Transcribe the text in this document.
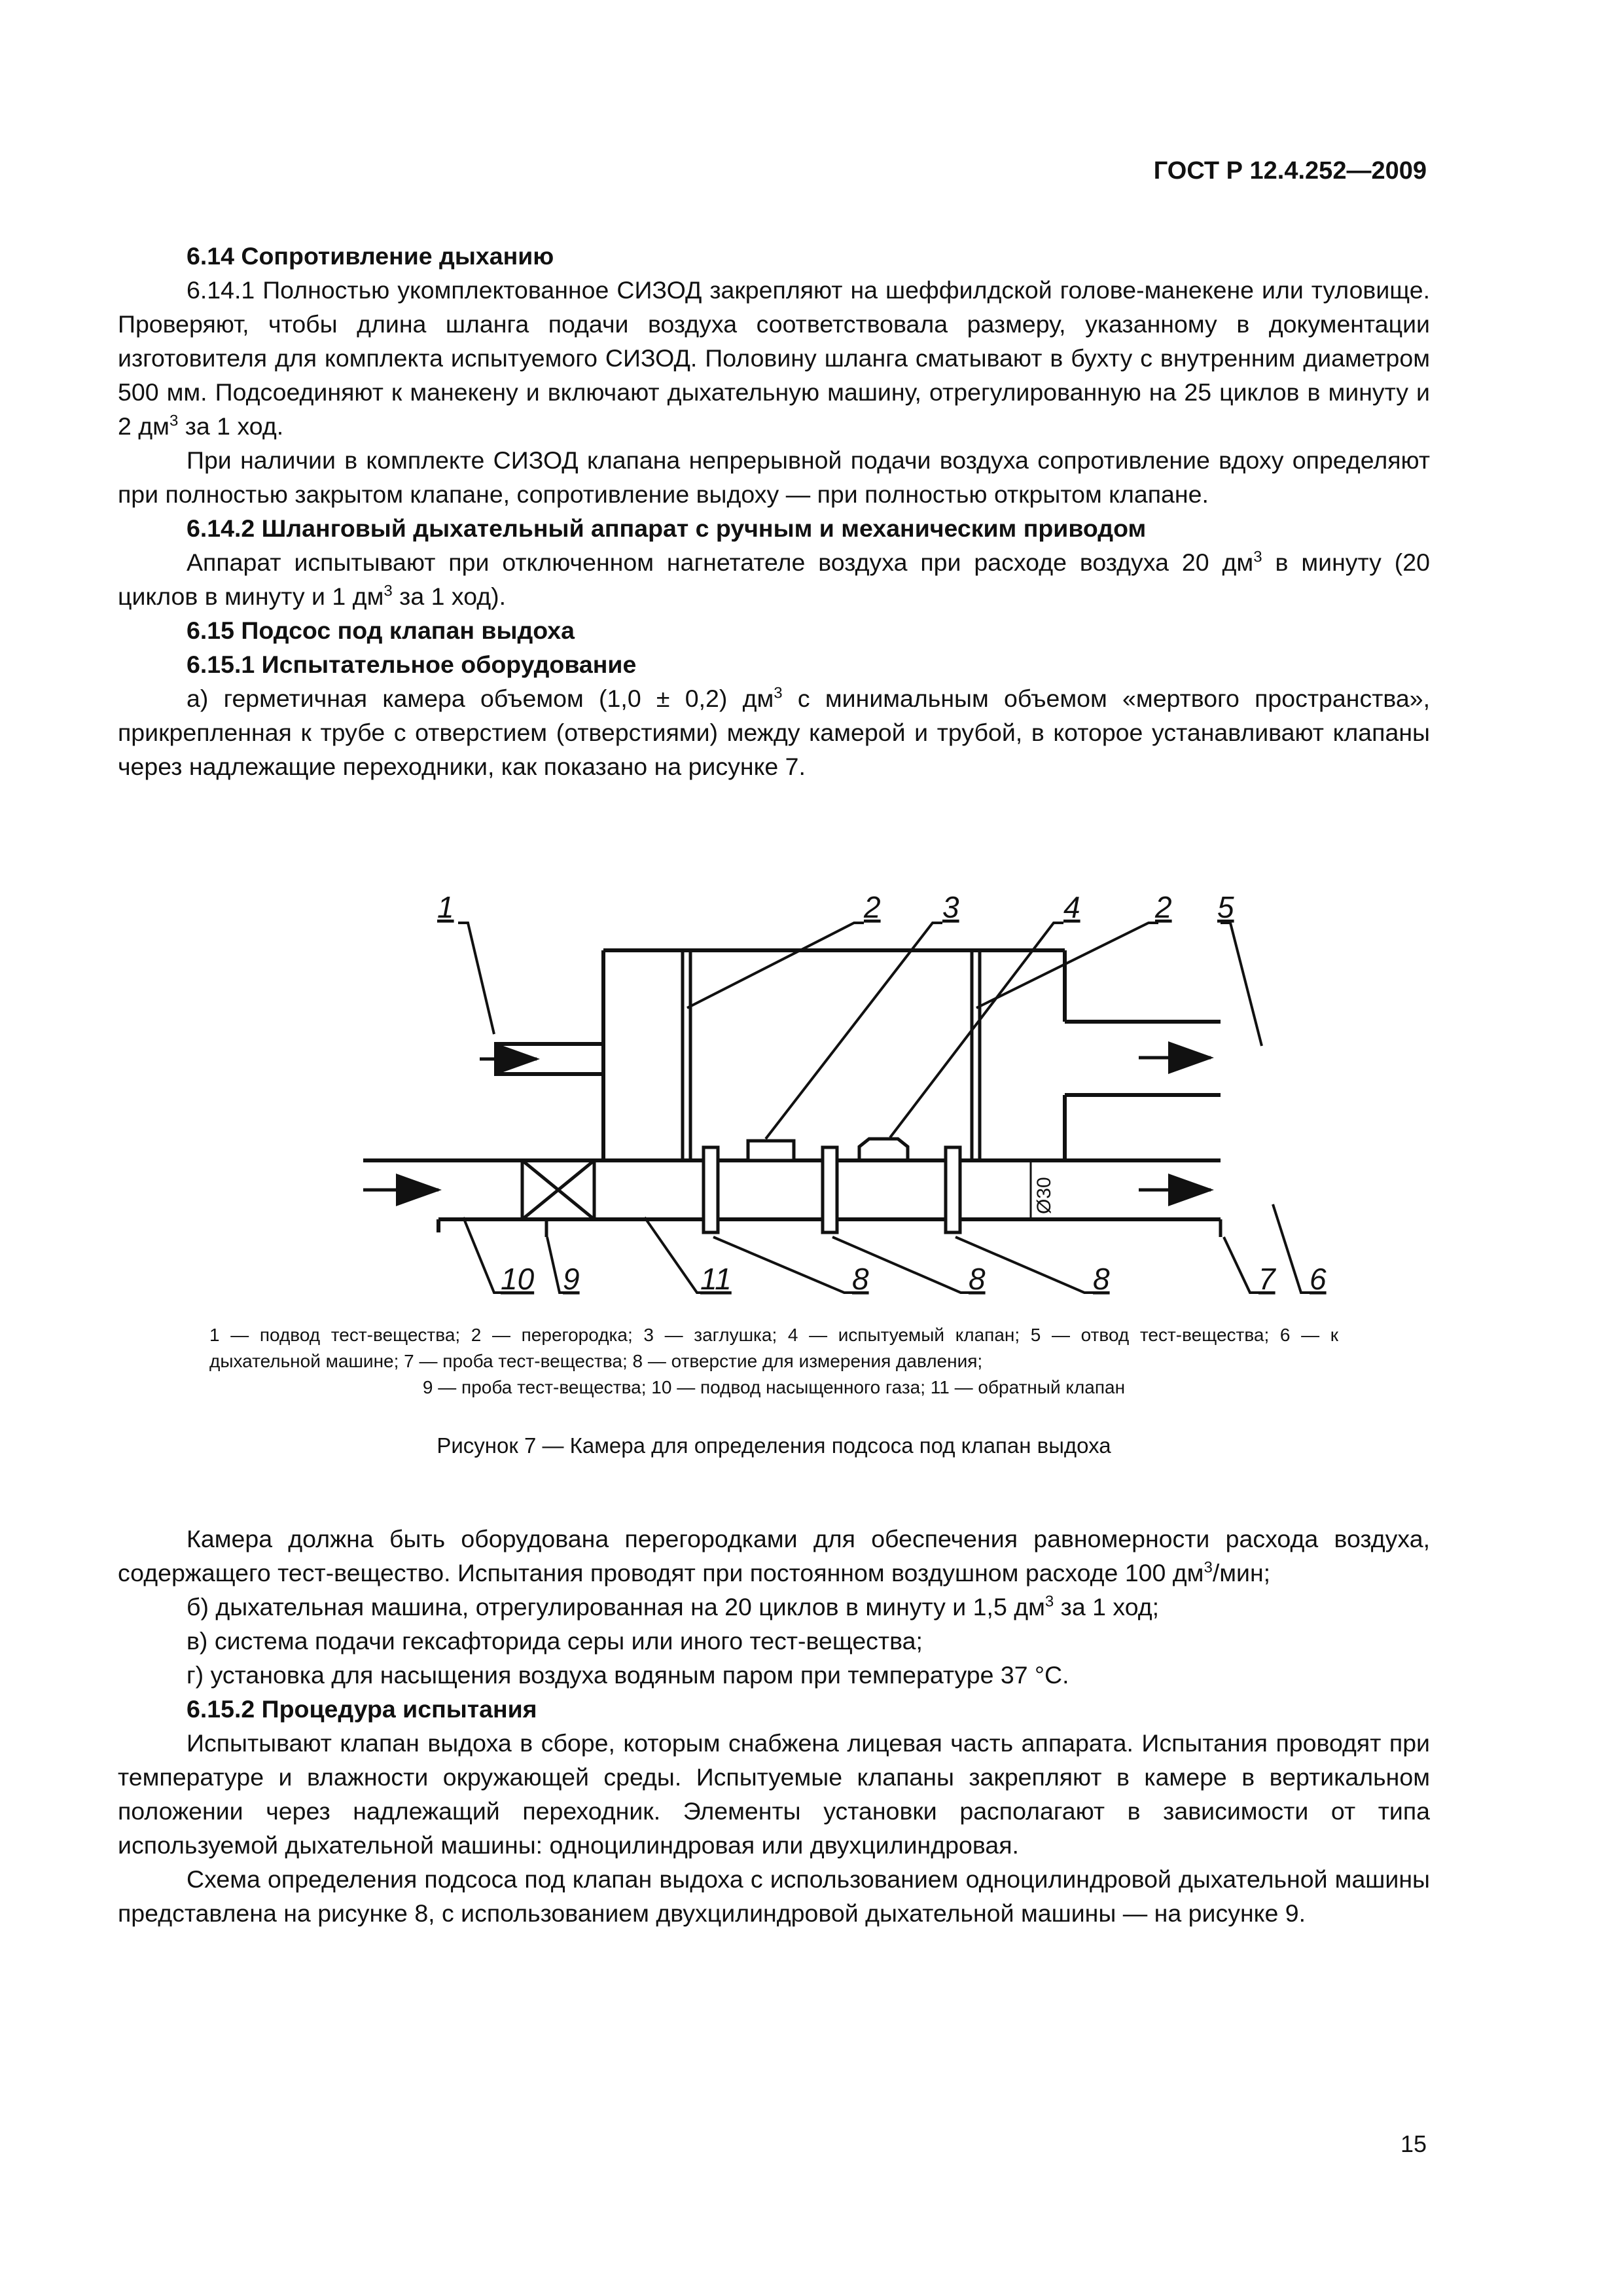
ГОСТ Р 12.4.252—2009
6.14 Сопротивление дыханию
6.14.1 Полностью укомплектованное СИЗОД закрепляют на шеффилдской голове-манекене или туловище. Проверяют, чтобы длина шланга подачи воздуха соответствовала размеру, указанному в документации изготовителя для комплекта испытуемого СИЗОД. Половину шланга сматывают в бухту с внутренним диаметром 500 мм. Подсоединяют к манекену и включают дыхательную машину, отрегулированную на 25 циклов в минуту и 2 $дм^3$ за 1 ход.
При наличии в комплекте СИЗОД клапана непрерывной подачи воздуха сопротивление вдоху определяют при полностью закрытом клапане, сопротивление выдоху — при полностью открытом клапане.
6.14.2 Шланговый дыхательный аппарат с ручным и механическим приводом
Аппарат испытывают при отключенном нагнетателе воздуха при расходе воздуха 20 $дм^3$ в минуту (20 циклов в минуту и 1 $дм^3$ за 1 ход).
6.15 Подсос под клапан выдоха
6.15.1 Испытательное оборудование
а) герметичная камера объемом (1,0 ± 0,2) $дм^3$ с минимальным объемом «мертвого пространства», прикрепленная к трубе с отверстием (отверстиями) между камерой и трубой, в которое устанавливают клапаны через надлежащие переходники, как показано на рисунке 7.
Ø30
1	2 3	4 2 5
10 9	11	8	8	8	7 6
1 — подвод тест-вещества; 2 — перегородка; 3 — заглушка; 4 — испытуемый клапан; 5 — отвод тест-вещества; 6 — к дыхательной машине; 7 — проба тест-вещества; 8 — отверстие для измерения давления;
9 — проба тест-вещества; 10 — подвод насыщенного газа; 11 — обратный клапан
Рисунок 7 — Камера для определения подсоса под клапан выдоха
Камера должна быть оборудована перегородками для обеспечения равномерности расхода воздуха, содержащего тест-вещество. Испытания проводят при постоянном воздушном расходе 100 $дм^3$/мин;
б) дыхательная машина, отрегулированная на 20 циклов в минуту и 1,5 $дм^3$ за 1 ход;
в) система подачи гексафторида серы или иного тест-вещества;
г) установка для насыщения воздуха водяным паром при температуре 37 °С.
6.15.2 Процедура испытания
Испытывают клапан выдоха в сборе, которым снабжена лицевая часть аппарата. Испытания проводят при температуре и влажности окружающей среды. Испытуемые клапаны закрепляют в камере в вертикальном положении через надлежащий переходник. Элементы установки располагают в зависимости от типа используемой дыхательной машины: одноцилиндровая или двухцилиндровая.
Схема определения подсоса под клапан выдоха с использованием одноцилиндровой дыхательной машины представлена на рисунке 8, с использованием двухцилиндровой дыхательной машины — на рисунке 9.
15
